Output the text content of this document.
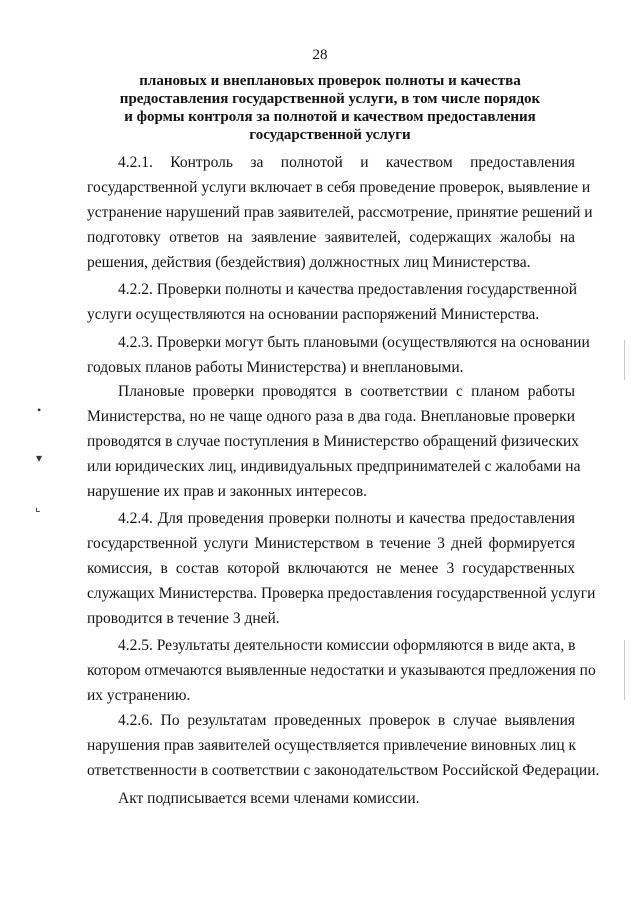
28
плановых и внеплановых проверок полноты и качества
предоставления государственной услуги, в том числе порядок
и формы контроля за полнотой и качеством предоставления
государственной услуги
4.2.1. Контроль за полнотой и качеством предоставления
государственной услуги включает в себя проведение проверок, выявление и
устранение нарушений прав заявителей, рассмотрение, принятие решений и
подготовку ответов на заявление заявителей, содержащих жалобы на
решения, действия (бездействия) должностных лиц Министерства.
4.2.2. Проверки полноты и качества предоставления государственной
услуги осуществляются на основании распоряжений Министерства.
4.2.3. Проверки могут быть плановыми (осуществляются на основании
годовых планов работы Министерства) и внеплановыми.
Плановые проверки проводятся в соответствии с планом работы
Министерства, но не чаще одного раза в два года. Внеплановые проверки
проводятся в случае поступления в Министерство обращений физических
или юридических лиц, индивидуальных предпринимателей с жалобами на
нарушение их прав и законных интересов.
4.2.4. Для проведения проверки полноты и качества предоставления
государственной услуги Министерством в течение 3 дней формируется
комиссия, в состав которой включаются не менее 3 государственных
служащих Министерства. Проверка предоставления государственной услуги
проводится в течение 3 дней.
4.2.5. Результаты деятельности комиссии оформляются в виде акта, в
котором отмечаются выявленные недостатки и указываются предложения по
их устранению.
4.2.6. По результатам проведенных проверок в случае выявления
нарушения прав заявителей осуществляется привлечение виновных лиц к
ответственности в соответствии с законодательством Российской Федерации.
Акт подписывается всеми членами комиссии.
•
▾
⌞
